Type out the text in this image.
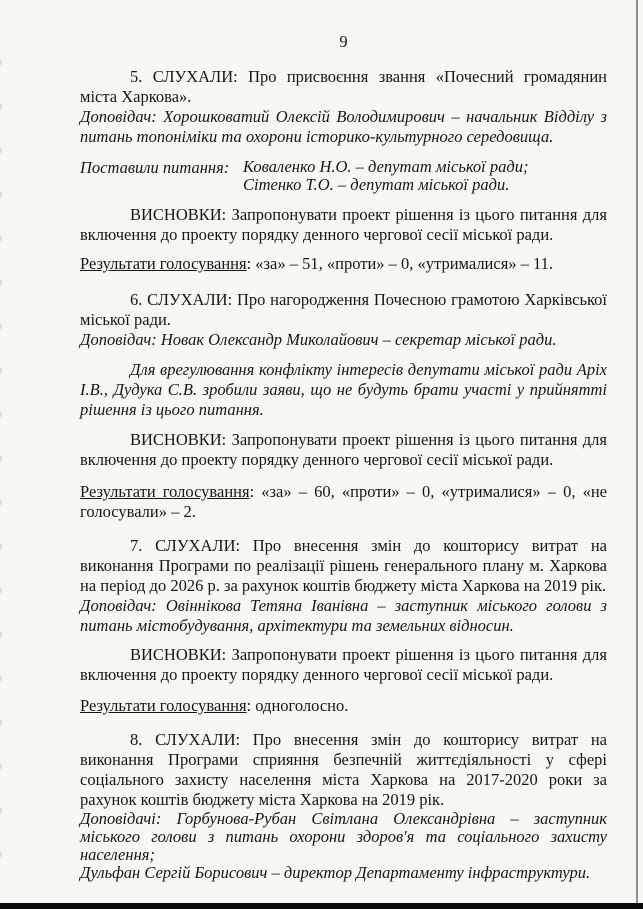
9

5. СЛУХАЛИ: Про присвоєння звання «Почесний громадянин міста Харкова».

Доповідач: Хорошковатий Олексій Володимирович – начальник Відділу з питань топоніміки та охорони історико-культурного середовища.

Поставили питання: Коваленко Н.О. – депутат міської ради;
Сітенко Т.О. – депутат міської ради.

ВИСНОВКИ: Запропонувати проект рішення із цього питання для включення до проекту порядку денного чергової сесії міської ради.

Результати голосування: «за» – 51, «проти» – 0, «утрималися» – 11.

6. СЛУХАЛИ: Про нагородження Почесною грамотою Харківської міської ради.

Доповідач: Новак Олександр Миколайович – секретар міської ради.

Для врегулювання конфлікту інтересів депутати міської ради Аріх І.В., Дудука С.В. зробили заяви, що не будуть брати участі у прийнятті рішення із цього питання.

ВИСНОВКИ: Запропонувати проект рішення із цього питання для включення до проекту порядку денного чергової сесії міської ради.

Результати голосування: «за» – 60, «проти» – 0, «утрималися» – 0, «не голосували» – 2.

7. СЛУХАЛИ: Про внесення змін до кошторису витрат на виконання Програми по реалізації рішень генерального плану м. Харкова на період до 2026 р. за рахунок коштів бюджету міста Харкова на 2019 рік.

Доповідач: Овіннікова Тетяна Іванівна – заступник міського голови з питань містобудування, архітектури та земельних відносин.

ВИСНОВКИ: Запропонувати проект рішення із цього питання для включення до проекту порядку денного чергової сесії міської ради.

Результати голосування: одноголосно.

8. СЛУХАЛИ: Про внесення змін до кошторису витрат на виконання Програми сприяння безпечній життєдіяльності у сфері соціального захисту населення міста Харкова на 2017-2020 роки за рахунок коштів бюджету міста Харкова на 2019 рік.

Доповідачі: Горбунова-Рубан Світлана Олександрівна – заступник міського голови з питань охорони здоров'я та соціального захисту населення;

Дульфан Сергій Борисович – директор Департаменту інфраструктури.
